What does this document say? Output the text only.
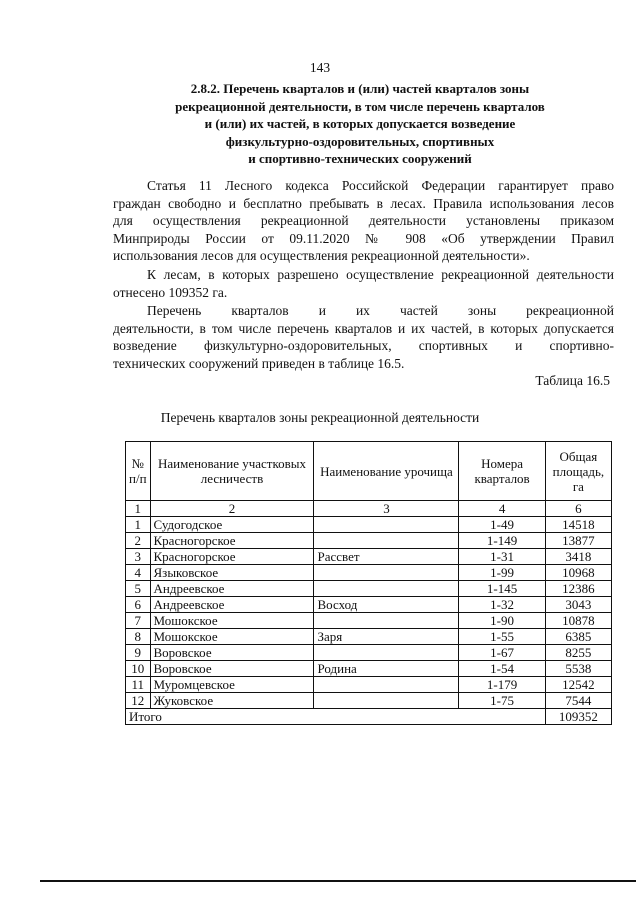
143
2.8.2. Перечень кварталов и (или) частей кварталов зоны
рекреационной деятельности, в том числе перечень кварталов
и (или) их частей, в которых допускается возведение
физкультурно-оздоровительных, спортивных
и спортивно-технических сооружений
Статья 11 Лесного кодекса Российской Федерации гарантирует право
граждан свободно и бесплатно пребывать в лесах. Правила использования лесов
для осуществления рекреационной деятельности установлены приказом
Минприроды России от 09.11.2020 № 908 «Об утверждении Правил
использования лесов для осуществления рекреационной деятельности».
К лесам, в которых разрешено осуществление рекреационной деятельности
отнесено 109352 га.
Перечень кварталов и их частей зоны рекреационной
деятельности, в том числе перечень кварталов и их частей, в которых допускается
возведение физкультурно-оздоровительных, спортивных и спортивно-
технических сооружений приведен в таблице 16.5.
Таблица 16.5
Перечень кварталов зоны рекреационной деятельности
№ п/п	Наименование участковых лесничеств	Наименование урочища	Номера кварталов	Общая площадь, га
1	2	3	4	6
1	Судогодское		1-49	14518
2	Красногорское		1-149	13877
3	Красногорское	Рассвет	1-31	3418
4	Языковское		1-99	10968
5	Андреевское		1-145	12386
6	Андреевское	Восход	1-32	3043
7	Мошокское		1-90	10878
8	Мошокское	Заря	1-55	6385
9	Воровское		1-67	8255
10	Воровское	Родина	1-54	5538
11	Муромцевское		1-179	12542
12	Жуковское		1-75	7544
Итого				109352
